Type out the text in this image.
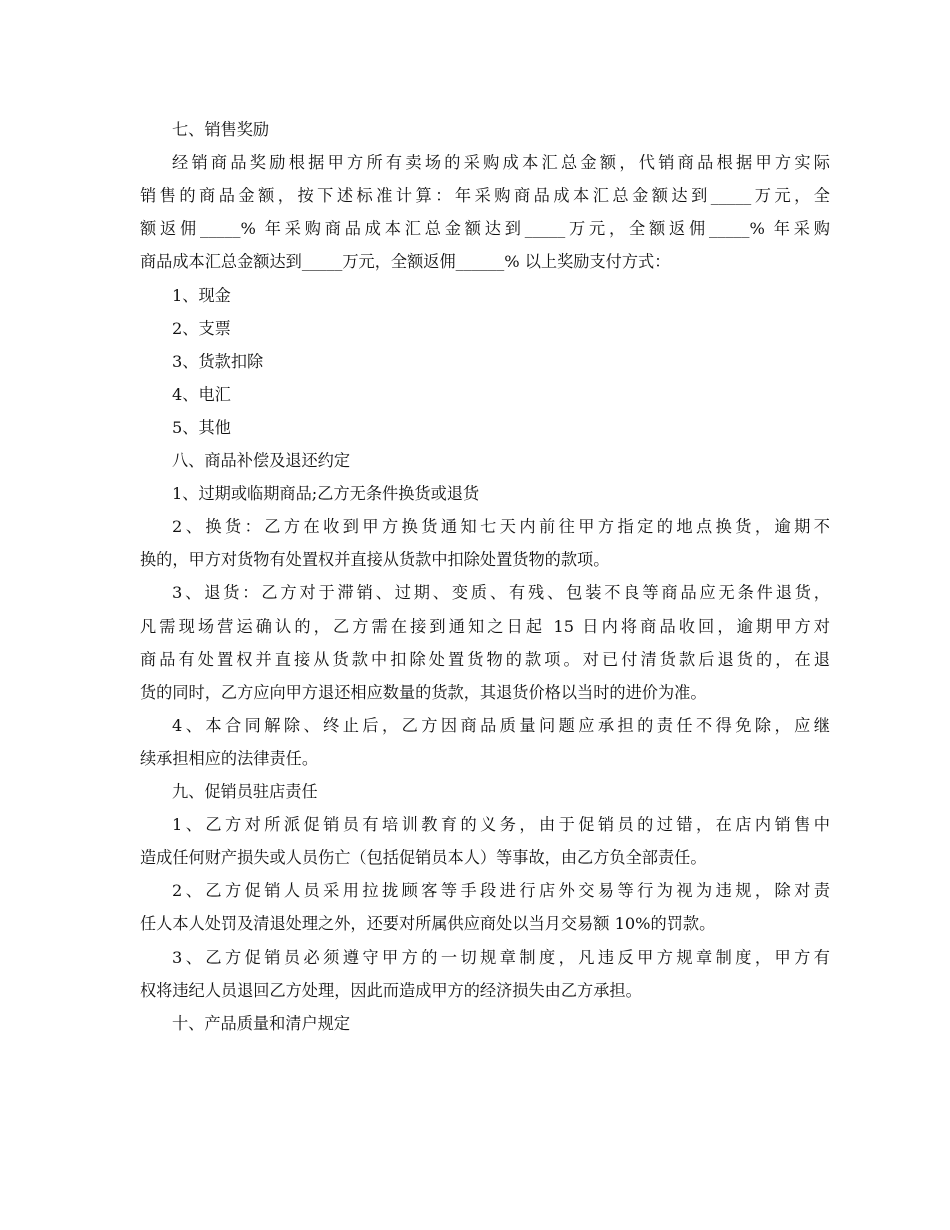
七、销售奖励
经销商品奖励根据甲方所有卖场的采购成本汇总金额，代销商品根据甲方实际
销售的商品金额，按下述标准计算：年采购商品成本汇总金额达到_____万元，全
额返佣_____% 年采购商品成本汇总金额达到_____万元，全额返佣_____% 年采购
商品成本汇总金额达到_____万元，全额返佣______% 以上奖励支付方式：
1、现金
2、支票
3、货款扣除
4、电汇
5、其他
八、商品补偿及退还约定
1、过期或临期商品;乙方无条件换货或退货
2、换货：乙方在收到甲方换货通知七天内前往甲方指定的地点换货，逾期不
换的，甲方对货物有处置权并直接从货款中扣除处置货物的款项。
3、退货：乙方对于滞销、过期、变质、有残、包装不良等商品应无条件退货，
凡需现场营运确认的，乙方需在接到通知之日起 15 日内将商品收回，逾期甲方对
商品有处置权并直接从货款中扣除处置货物的款项。对已付清货款后退货的，在退
货的同时，乙方应向甲方退还相应数量的货款，其退货价格以当时的进价为准。
4、本合同解除、终止后，乙方因商品质量问题应承担的责任不得免除，应继
续承担相应的法律责任。
九、促销员驻店责任
1、乙方对所派促销员有培训教育的义务，由于促销员的过错，在店内销售中
造成任何财产损失或人员伤亡（包括促销员本人）等事故，由乙方负全部责任。
2、乙方促销人员采用拉拢顾客等手段进行店外交易等行为视为违规，除对责
任人本人处罚及清退处理之外，还要对所属供应商处以当月交易额 10%的罚款。
3、乙方促销员必须遵守甲方的一切规章制度，凡违反甲方规章制度，甲方有
权将违纪人员退回乙方处理，因此而造成甲方的经济损失由乙方承担。
十、产品质量和清户规定
